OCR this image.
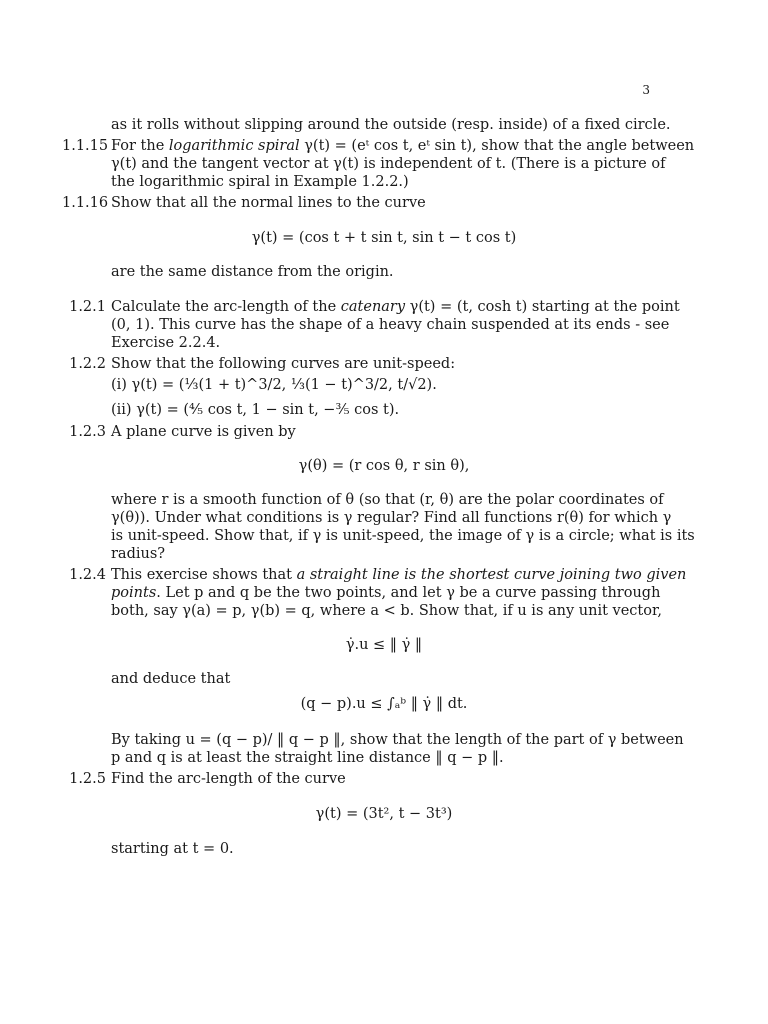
3
as it rolls without slipping around the outside (resp. inside) of a fixed circle.
1.1.15 For the logarithmic spiral γ(t) = (eᵗ cos t, eᵗ sin t), show that the angle between
γ(t) and the tangent vector at γ(t) is independent of t. (There is a picture of
the logarithmic spiral in Example 1.2.2.)
1.1.16 Show that all the normal lines to the curve
γ(t) = (cos t + t sin t, sin t − t cos t)
are the same distance from the origin.
1.2.1 Calculate the arc-length of the catenary γ(t) = (t, cosh t) starting at the point
(0, 1). This curve has the shape of a heavy chain suspended at its ends - see
Exercise 2.2.4.
1.2.2 Show that the following curves are unit-speed:
(i) γ(t) = (⅓(1 + t)^3/2, ⅓(1 − t)^3/2, t/√2).
(ii) γ(t) = (⅘ cos t, 1 − sin t, −⅗ cos t).
1.2.3 A plane curve is given by
γ(θ) = (r cos θ, r sin θ),
where r is a smooth function of θ (so that (r, θ) are the polar coordinates of
γ(θ)). Under what conditions is γ regular? Find all functions r(θ) for which γ
is unit-speed. Show that, if γ is unit-speed, the image of γ is a circle; what is its
radius?
1.2.4 This exercise shows that a straight line is the shortest curve joining two given
points. Let p and q be the two points, and let γ be a curve passing through
both, say γ(a) = p, γ(b) = q, where a < b. Show that, if u is any unit vector,
γ̇.u ≤ ‖ γ̇ ‖
and deduce that
(q − p).u ≤ ∫ₐᵇ ‖ γ̇ ‖ dt.
By taking u = (q − p)/ ‖ q − p ‖, show that the length of the part of γ between
p and q is at least the straight line distance ‖ q − p ‖.
1.2.5 Find the arc-length of the curve
γ(t) = (3t², t − 3t³)
starting at t = 0.
